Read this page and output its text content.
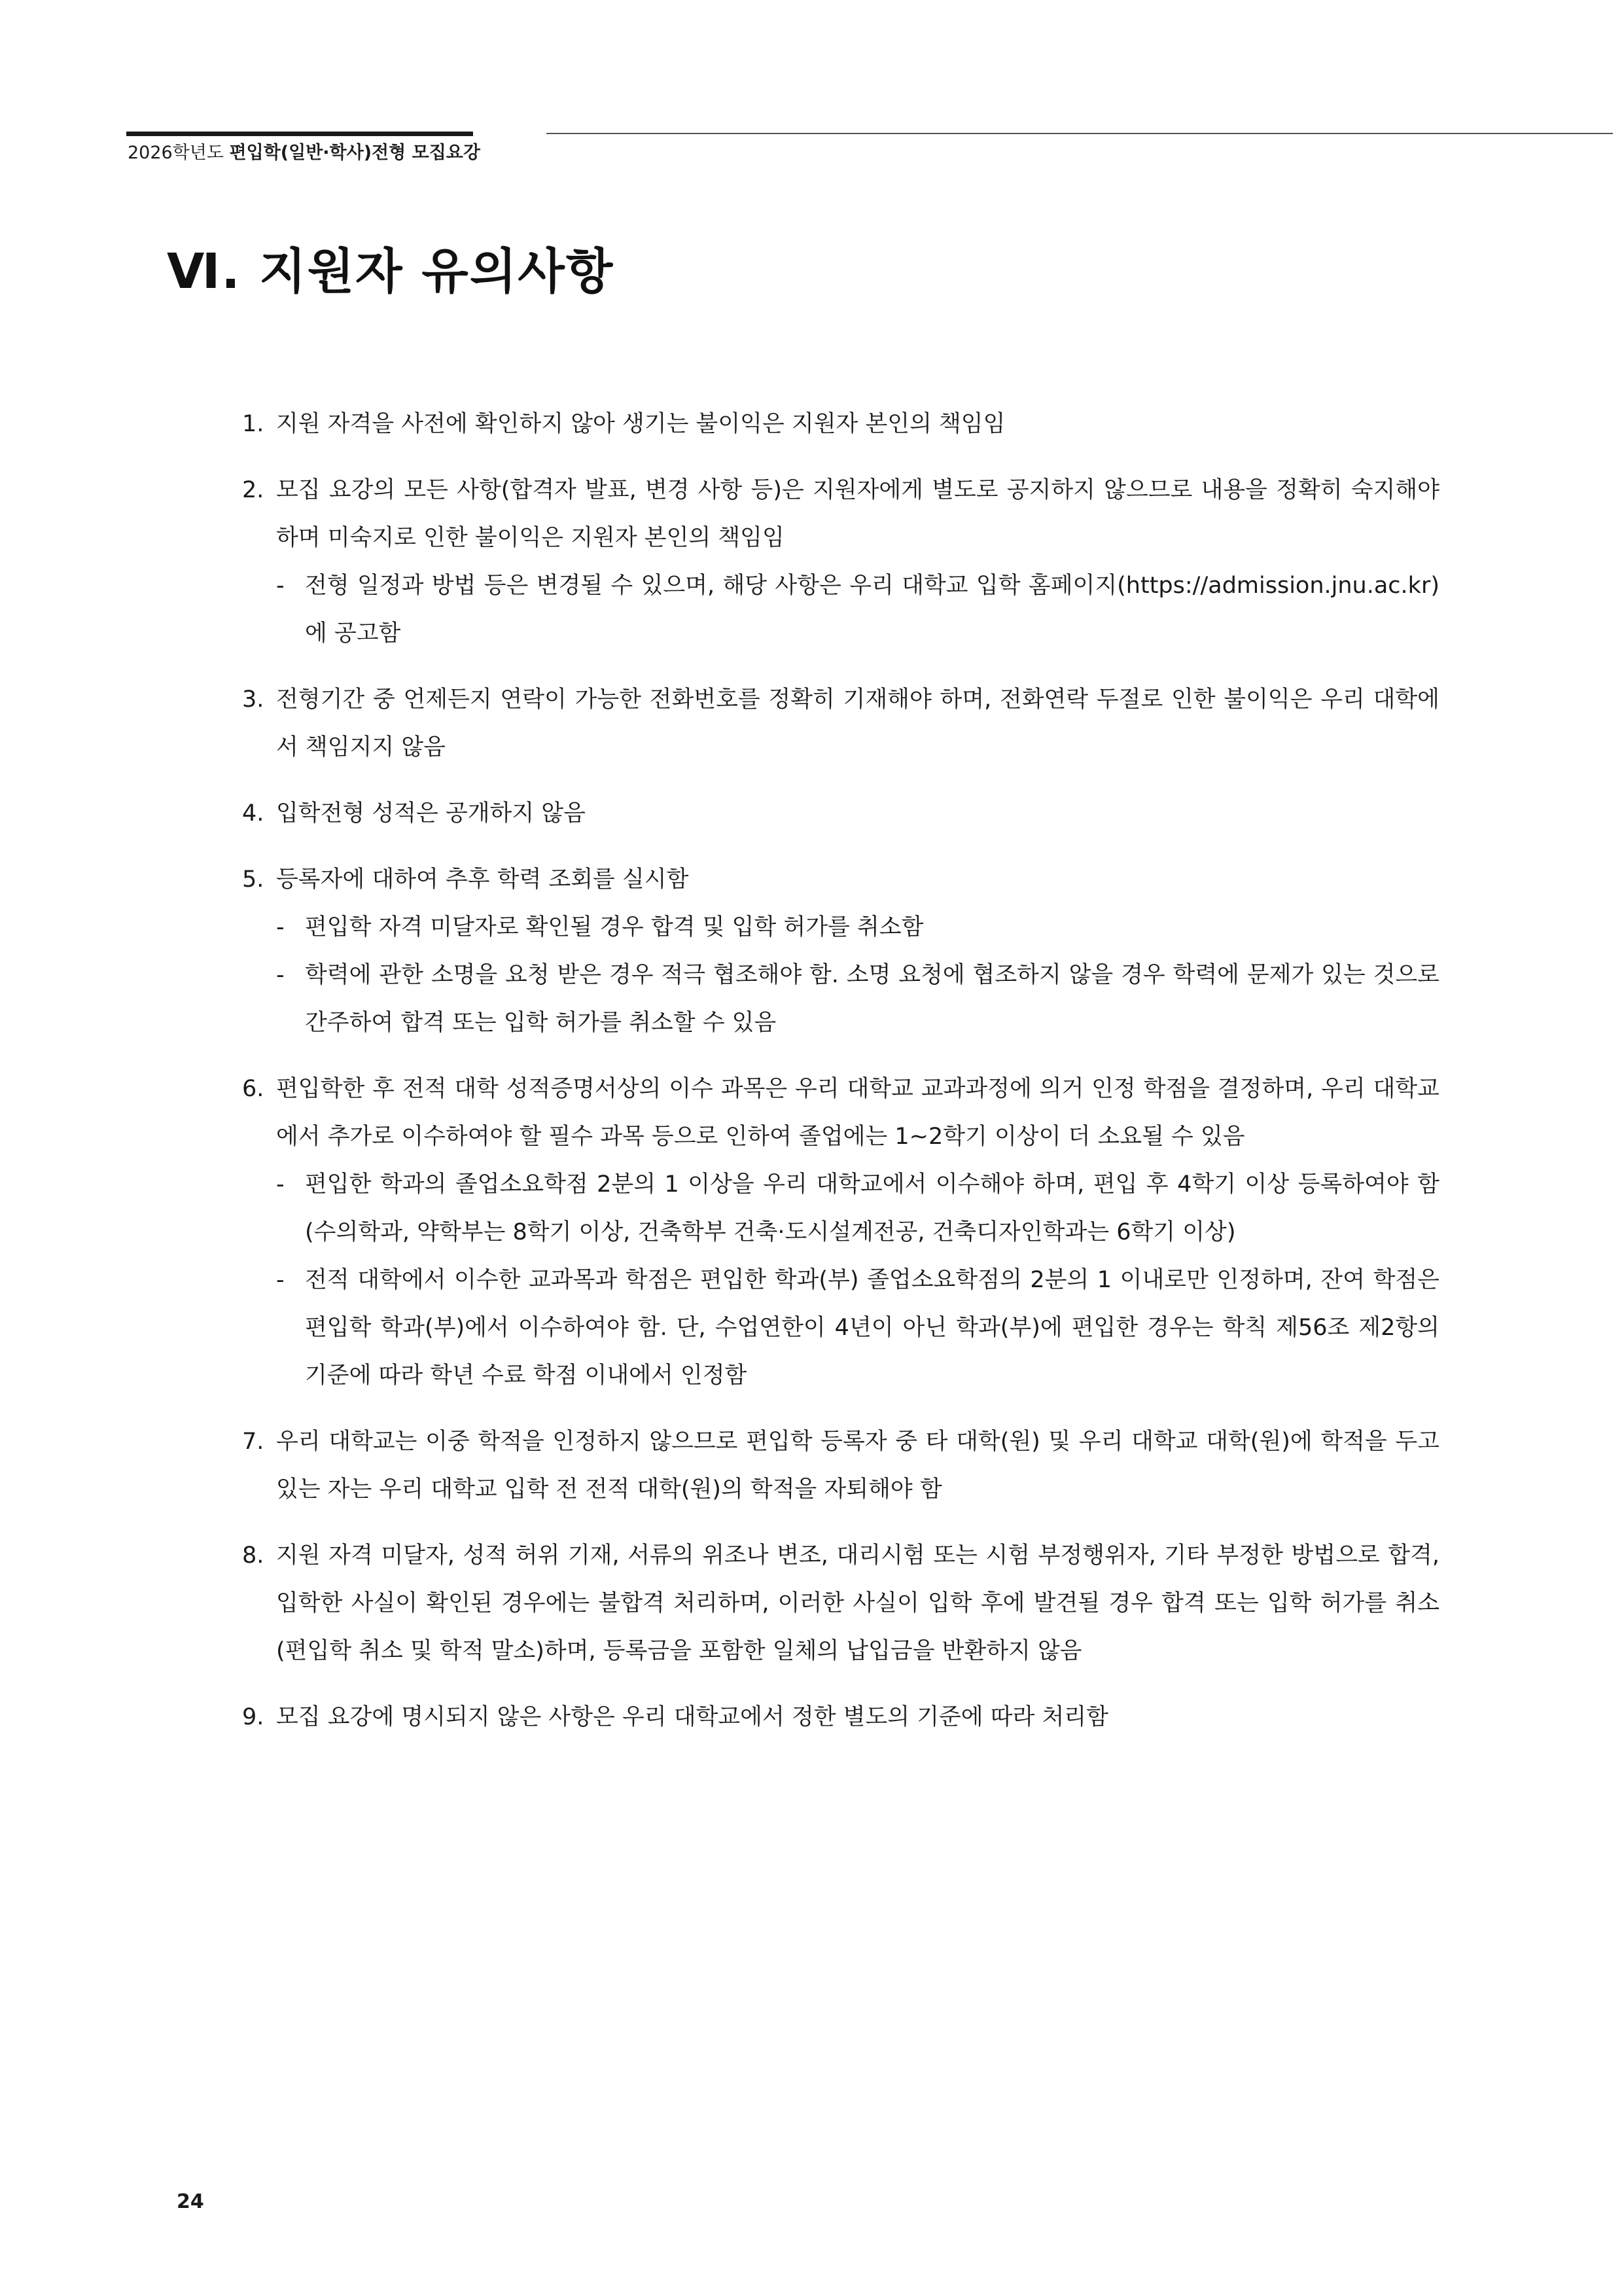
2026학년도 편입학(일반·학사)전형 모집요강
Ⅵ. 지원자 유의사항
1. 지원 자격을 사전에 확인하지 않아 생기는 불이익은 지원자 본인의 책임임
2. 모집 요강의 모든 사항(합격자 발표, 변경 사항 등)은 지원자에게 별도로 공지하지 않으므로 내용을 정확히 숙지해야 하며 미숙지로 인한 불이익은 지원자 본인의 책임임
- 전형 일정과 방법 등은 변경될 수 있으며, 해당 사항은 우리 대학교 입학 홈페이지(https://admission.jnu.ac.kr)에 공고함
3. 전형기간 중 언제든지 연락이 가능한 전화번호를 정확히 기재해야 하며, 전화연락 두절로 인한 불이익은 우리 대학에서 책임지지 않음
4. 입학전형 성적은 공개하지 않음
5. 등록자에 대하여 추후 학력 조회를 실시함
- 편입학 자격 미달자로 확인될 경우 합격 및 입학 허가를 취소함
- 학력에 관한 소명을 요청 받은 경우 적극 협조해야 함. 소명 요청에 협조하지 않을 경우 학력에 문제가 있는 것으로 간주하여 합격 또는 입학 허가를 취소할 수 있음
6. 편입학한 후 전적 대학 성적증명서상의 이수 과목은 우리 대학교 교과과정에 의거 인정 학점을 결정하며, 우리 대학교에서 추가로 이수하여야 할 필수 과목 등으로 인하여 졸업에는 1~2학기 이상이 더 소요될 수 있음
- 편입한 학과의 졸업소요학점 2분의 1 이상을 우리 대학교에서 이수해야 하며, 편입 후 4학기 이상 등록하여야 함(수의학과, 약학부는 8학기 이상, 건축학부 건축·도시설계전공, 건축디자인학과는 6학기 이상)
- 전적 대학에서 이수한 교과목과 학점은 편입한 학과(부) 졸업소요학점의 2분의 1 이내로만 인정하며, 잔여 학점은 편입학 학과(부)에서 이수하여야 함. 단, 수업연한이 4년이 아닌 학과(부)에 편입한 경우는 학칙 제56조 제2항의 기준에 따라 학년 수료 학점 이내에서 인정함
7. 우리 대학교는 이중 학적을 인정하지 않으므로 편입학 등록자 중 타 대학(원) 및 우리 대학교 대학(원)에 학적을 두고 있는 자는 우리 대학교 입학 전 전적 대학(원)의 학적을 자퇴해야 함
8. 지원 자격 미달자, 성적 허위 기재, 서류의 위조나 변조, 대리시험 또는 시험 부정행위자, 기타 부정한 방법으로 합격, 입학한 사실이 확인된 경우에는 불합격 처리하며, 이러한 사실이 입학 후에 발견될 경우 합격 또는 입학 허가를 취소(편입학 취소 및 학적 말소)하며, 등록금을 포함한 일체의 납입금을 반환하지 않음
9. 모집 요강에 명시되지 않은 사항은 우리 대학교에서 정한 별도의 기준에 따라 처리함
24
